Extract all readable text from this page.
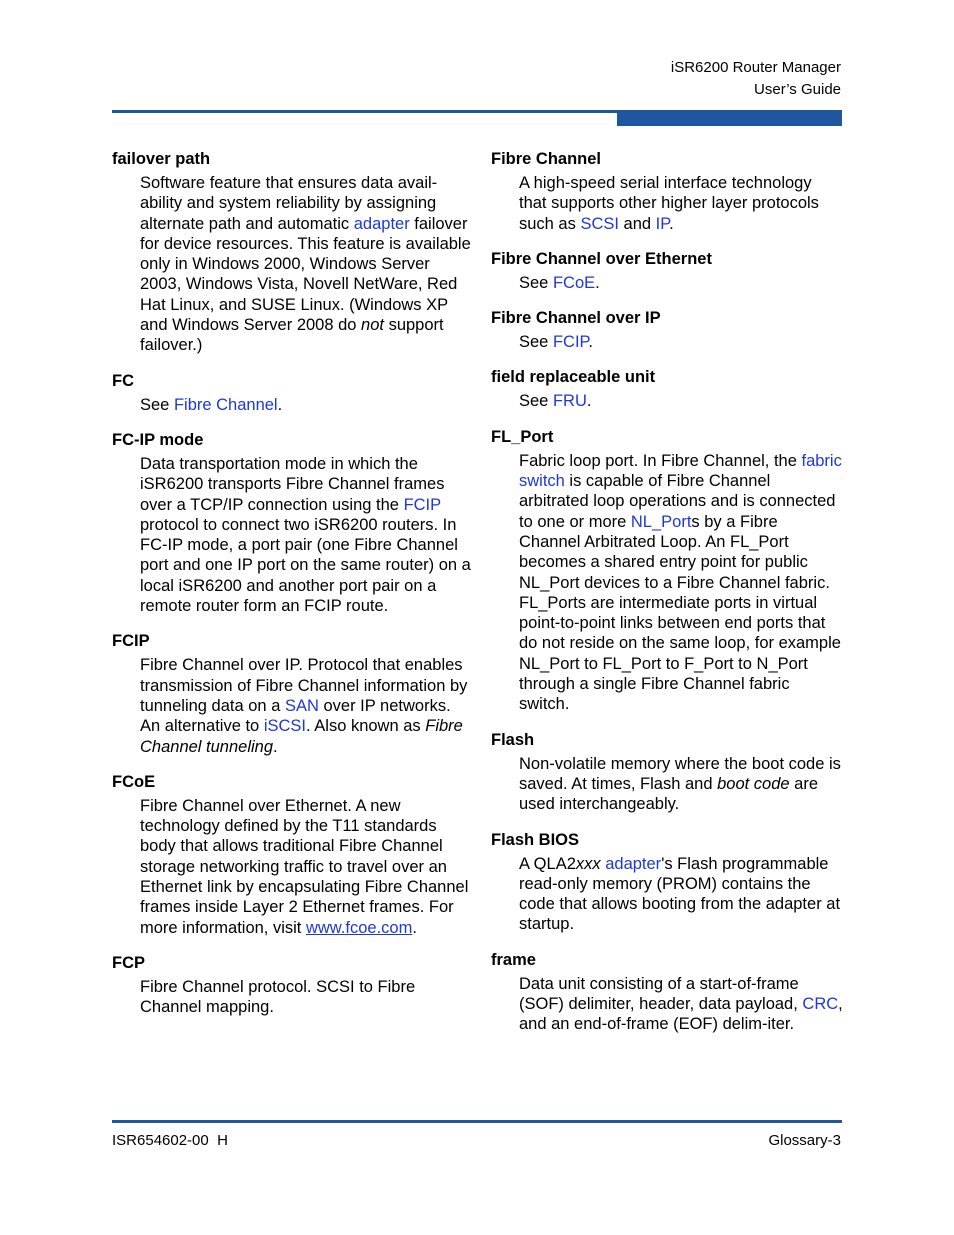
iSR6200 Router Manager
User’s Guide

failover path

Software feature that ensures data avail-ability and system reliability by assigning alternate path and automatic adapter failover for device resources. This feature is available only in Windows 2000, Windows Server 2003, Windows Vista, Novell NetWare, Red Hat Linux, and SUSE Linux. (Windows XP and Windows Server 2008 do not support failover.)

FC

See Fibre Channel.

FC-IP mode

Data transportation mode in which the iSR6200 transports Fibre Channel frames over a TCP/IP connection using the FCIP protocol to connect two iSR6200 routers. In FC-IP mode, a port pair (one Fibre Channel port and one IP port on the same router) on a local iSR6200 and another port pair on a remote router form an FCIP route.

FCIP

Fibre Channel over IP. Protocol that enables transmission of Fibre Channel information by tunneling data on a SAN over IP networks. An alternative to iSCSI. Also known as Fibre Channel tunneling.

FCoE

Fibre Channel over Ethernet. A new technology defined by the T11 standards body that allows traditional Fibre Channel storage networking traffic to travel over an Ethernet link by encapsulating Fibre Channel frames inside Layer 2 Ethernet frames. For more information, visit www.fcoe.com.

FCP

Fibre Channel protocol. SCSI to Fibre Channel mapping.

Fibre Channel

A high-speed serial interface technology that supports other higher layer protocols such as SCSI and IP.

Fibre Channel over Ethernet

See FCoE.

Fibre Channel over IP

See FCIP.

field replaceable unit

See FRU.

FL_Port

Fabric loop port. In Fibre Channel, the fabric switch is capable of Fibre Channel arbitrated loop operations and is connected to one or more NL_Ports by a Fibre Channel Arbitrated Loop. An FL_Port becomes a shared entry point for public NL_Port devices to a Fibre Channel fabric. FL_Ports are intermediate ports in virtual point-to-point links between end ports that do not reside on the same loop, for example NL_Port to FL_Port to F_Port to N_Port through a single Fibre Channel fabric switch.

Flash

Non-volatile memory where the boot code is saved. At times, Flash and boot code are used interchangeably.

Flash BIOS

A QLA2xxx adapter's Flash programmable read-only memory (PROM) contains the code that allows booting from the adapter at startup.

frame

Data unit consisting of a start-of-frame (SOF) delimiter, header, data payload, CRC, and an end-of-frame (EOF) delim-iter.

ISR654602-00  H	Glossary-3
